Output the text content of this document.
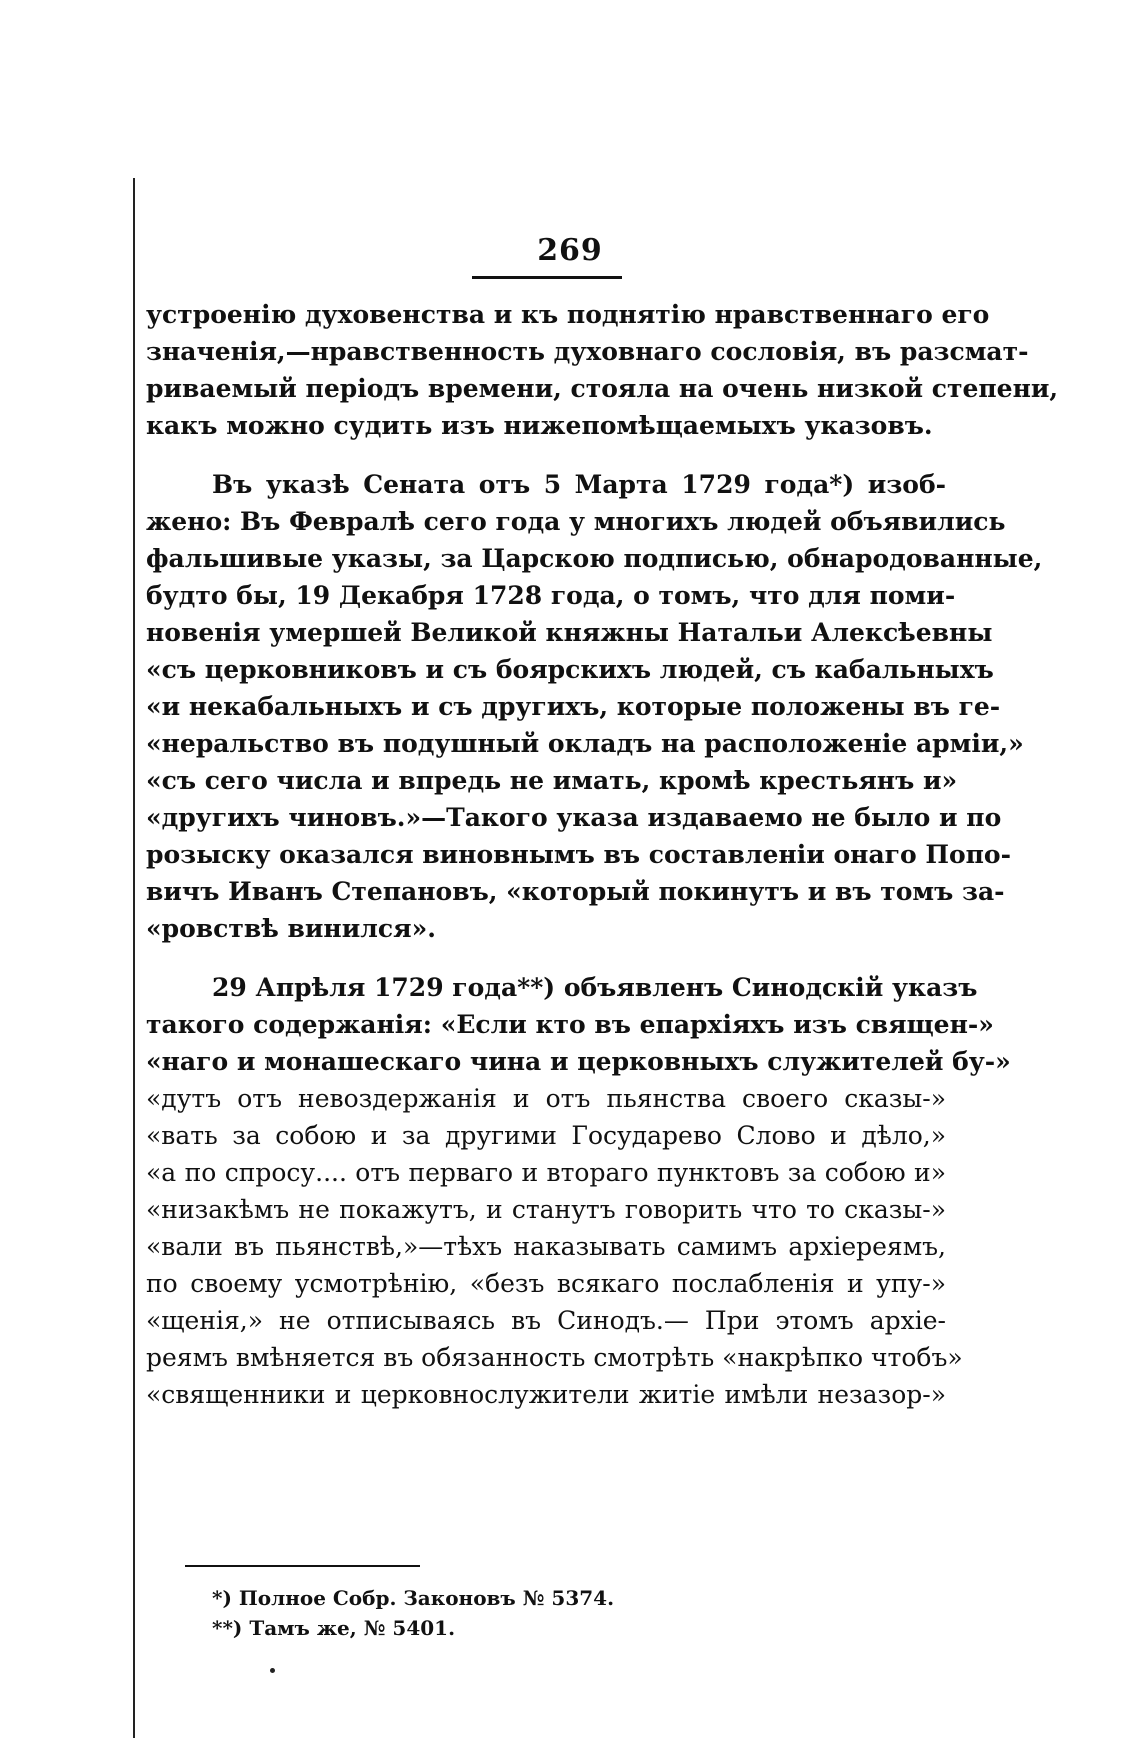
269
устроенію духовенства и къ поднятію нравственнаго его
значенія,—нравственность духовнаго сословія, въ разсмат-
риваемый періодъ времени, стояла на очень низкой степени,
какъ можно судить изъ нижепомѣщаемыхъ указовъ.
Въ указѣ Сената отъ 5 Марта 1729 года*) изоб-
жено: Въ Февралѣ сего года у многихъ людей объявились
фальшивые указы, за Царскою подписью, обнародованные,
будто бы, 19 Декабря 1728 года, о томъ, что для поми-
новенія умершей Великой княжны Натальи Алексѣевны
«съ церковниковъ и съ боярскихъ людей, съ кабальныхъ
«и некабальныхъ и съ другихъ, которые положены въ ге-
«неральство въ подушный окладъ на расположеніе арміи,»
«съ сего числа и впредь не имать, кромѣ крестьянъ и»
«другихъ чиновъ.»—Такого указа издаваемо не было и по
розыску оказался виновнымъ въ составленіи онаго Попо-
вичъ Иванъ Степановъ, «который покинутъ и въ томъ за-
«ровствѣ винился».
29 Апрѣля 1729 года**) объявленъ Синодскій указъ
такого содержанія: «Если кто въ епархіяхъ изъ священ-»
«наго и монашескаго чина и церковныхъ служителей бу-»
«дутъ отъ невоздержанія и отъ пьянства своего сказы-»
«вать за собою и за другими Государево Слово и дѣло,»
«а по спросу.... отъ перваго и втораго пунктовъ за собою и»
«низакѣмъ не покажутъ, и станутъ говорить что то сказы-»
«вали въ пьянствѣ,»—тѣхъ наказывать самимъ архіереямъ,
по своему усмотрѣнію, «безъ всякаго послабленія и упу-»
«щенія,» не отписываясь въ Синодъ.— При этомъ архіе-
реямъ вмѣняется въ обязанность смотрѣть «накрѣпко чтобъ»
«священники и церковнослужители житіе имѣли незазор-»
*) Полное Собр. Законовъ № 5374.
**) Тамъ же, № 5401.
